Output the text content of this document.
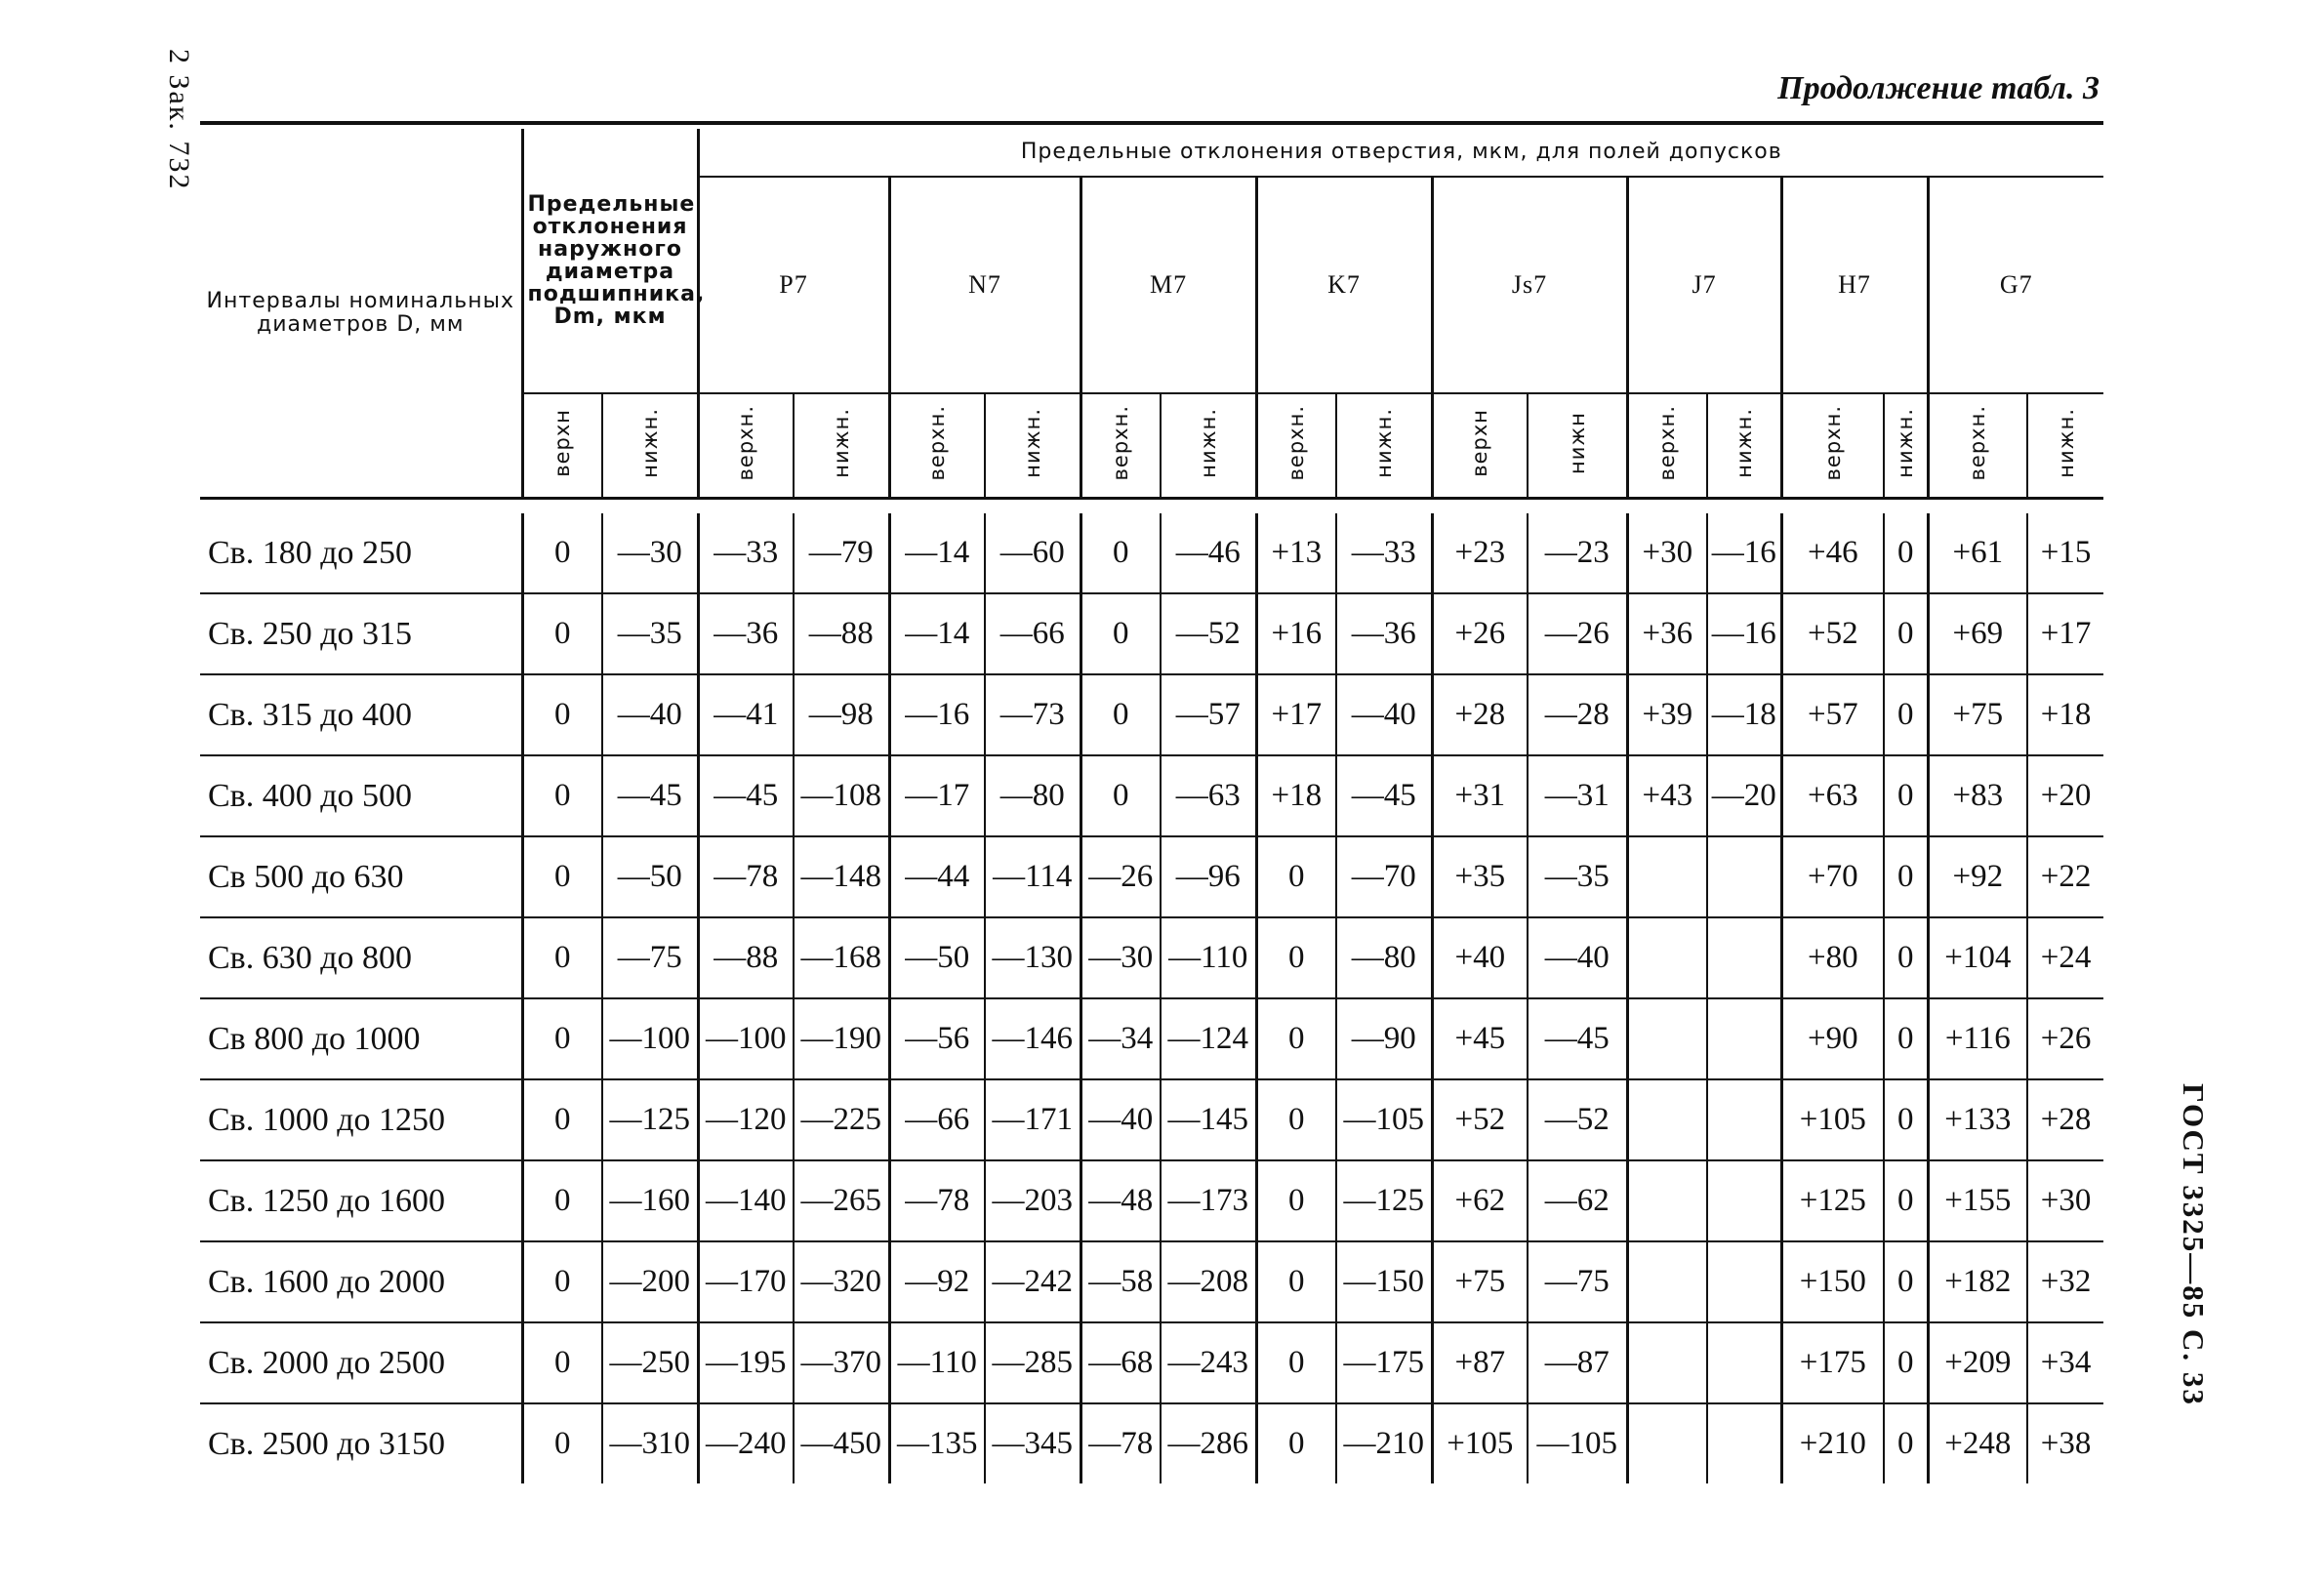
2 Зак. 732
ГОСТ 3325—85 С. 33
Продолжение табл. 3
Интервалы номинальных диаметров D, мм	Предельные отклонения наружного диаметра подшипника, Dm, мкм		Предельные отклонения отверстия, мкм, для полей допусков															

			P7		N7		M7		K7		Js7		J7		H7		G7	
	верхн	нижн.	верхн.	нижн.	верхн.	нижн.	верхн.	нижн.	верхн.	нижн.	верхн	нижн	верхн.	нижн.	верхн.	нижн.	верхн.	нижн.

Св. 180 до 250	0	—30	—33	—79	—14	—60	0	—46	+13	—33	+23	—23	+30	—16	+46	0	+61	+15
Св. 250 до 315	0	—35	—36	—88	—14	—66	0	—52	+16	—36	+26	—26	+36	—16	+52	0	+69	+17
Св. 315 до 400	0	—40	—41	—98	—16	—73	0	—57	+17	—40	+28	—28	+39	—18	+57	0	+75	+18
Св. 400 до 500	0	—45	—45	—108	—17	—80	0	—63	+18	—45	+31	—31	+43	—20	+63	0	+83	+20
Св 500 до 630	0	—50	—78	—148	—44	—114	—26	—96	0	—70	+35	—35			+70	0	+92	+22
Св. 630 до 800	0	—75	—88	—168	—50	—130	—30	—110	0	—80	+40	—40			+80	0	+104	+24
Св 800 до 1000	0	—100	—100	—190	—56	—146	—34	—124	0	—90	+45	—45			+90	0	+116	+26
Св. 1000 до 1250	0	—125	—120	—225	—66	—171	—40	—145	0	—105	+52	—52			+105	0	+133	+28
Св. 1250 до 1600	0	—160	—140	—265	—78	—203	—48	—173	0	—125	+62	—62			+125	0	+155	+30
Св. 1600 до 2000	0	—200	—170	—320	—92	—242	—58	—208	0	—150	+75	—75			+150	0	+182	+32
Св. 2000 до 2500	0	—250	—195	—370	—110	—285	—68	—243	0	—175	+87	—87			+175	0	+209	+34
Св. 2500 до 3150	0	—310	—240	—450	—135	—345	—78	—286	0	—210	+105	—105			+210	0	+248	+38
